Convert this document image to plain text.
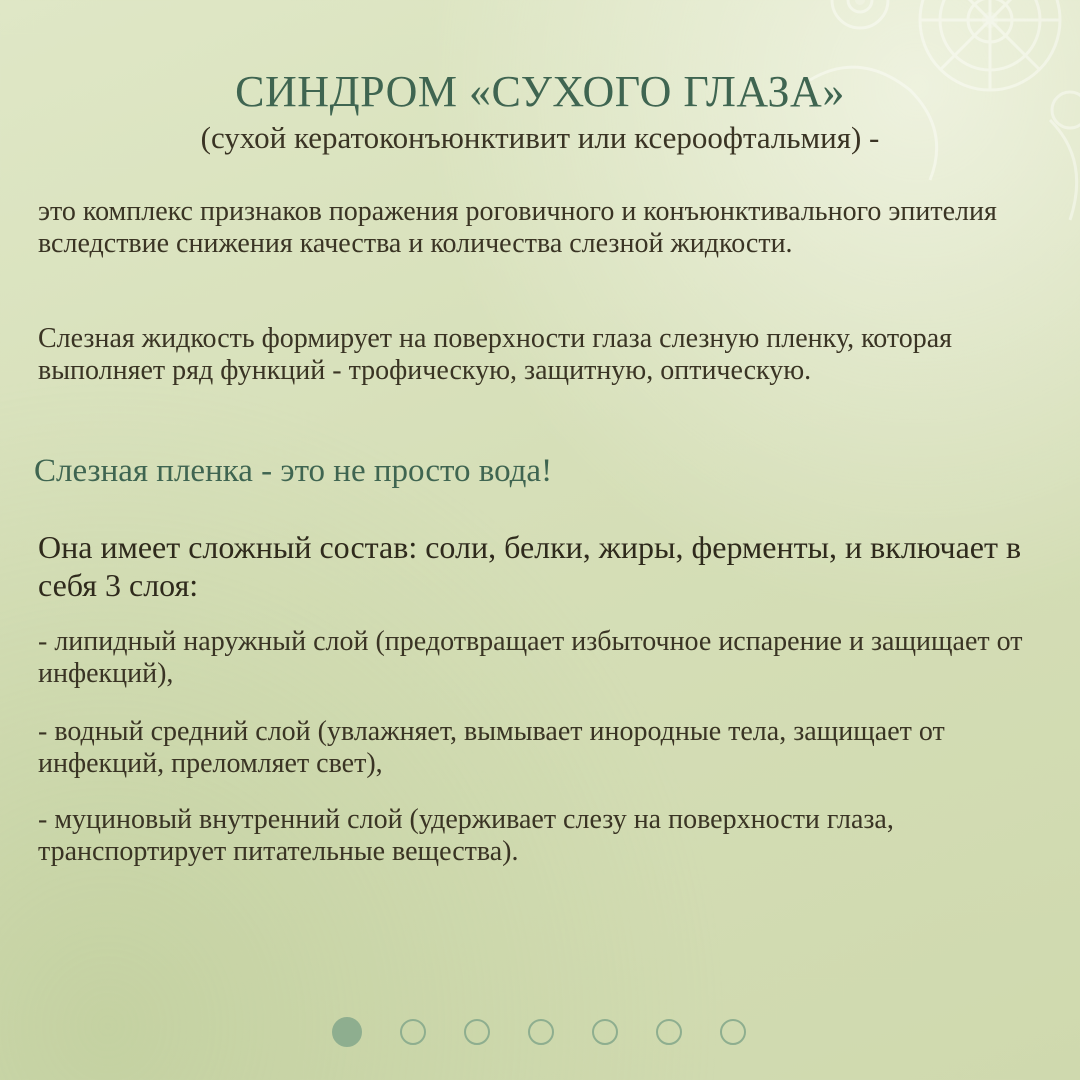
СИНДРОМ «СУХОГО ГЛАЗА»

(сухой кератоконъюнктивит или ксероофтальмия) -

это комплекс признаков поражения роговичного и конъюнктивального эпителия вследствие снижения качества и количества слезной жидкости.

Слезная жидкость формирует на поверхности глаза слезную пленку, которая выполняет ряд функций - трофическую, защитную, оптическую.

Слезная пленка - это не просто вода!

Она имеет сложный состав: соли, белки, жиры, ферменты, и включает в себя 3 слоя:

- липидный наружный слой (предотвращает избыточное испарение и защищает от инфекций),

- водный средний слой (увлажняет, вымывает инородные тела, защищает от инфекций, преломляет свет),

- муциновый внутренний слой (удерживает слезу на поверхности глаза, транспортирует питательные вещества).
